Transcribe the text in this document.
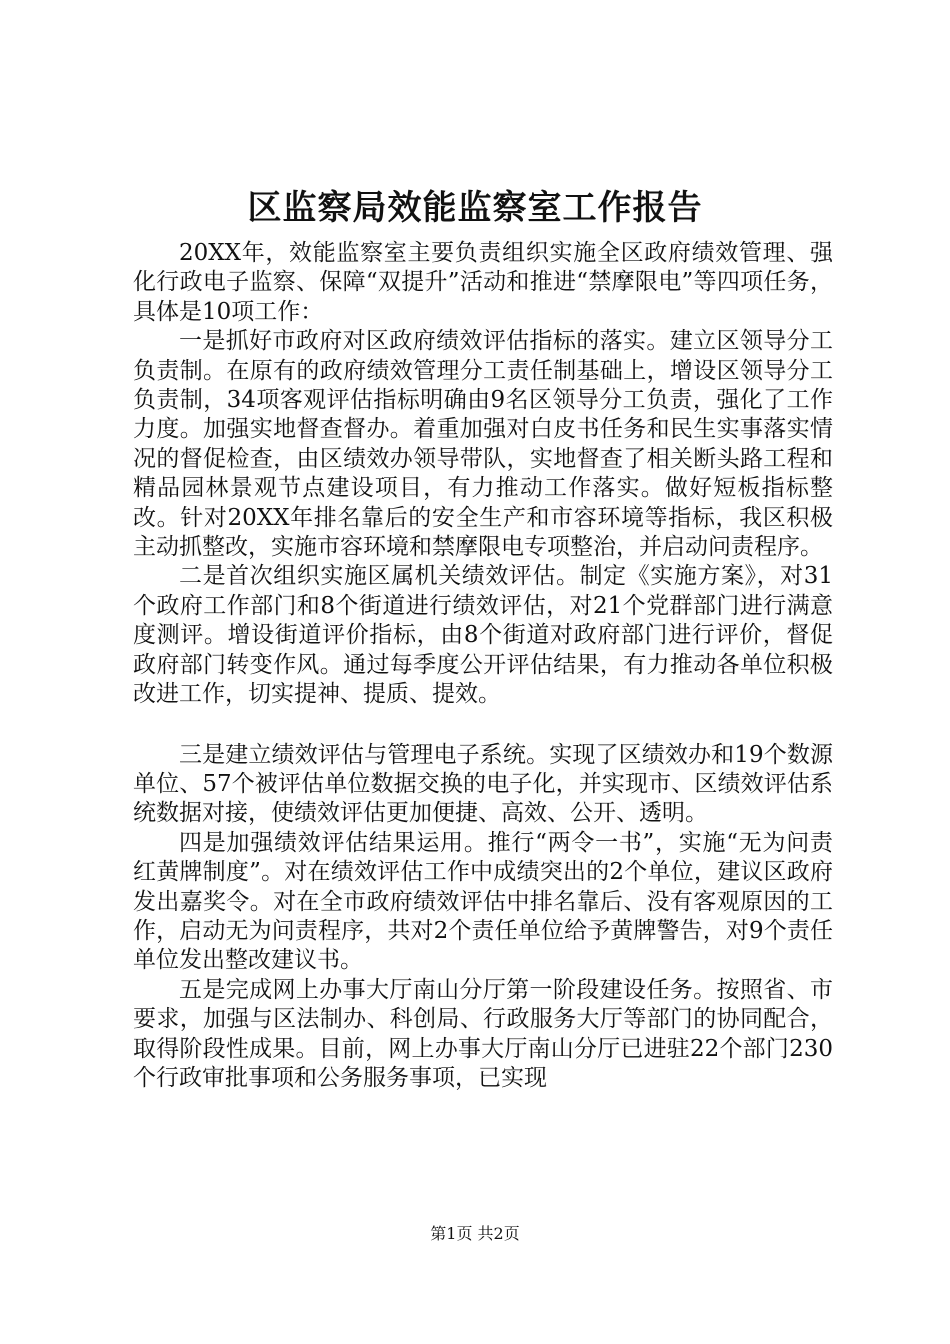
区监察局效能监察室工作报告

20XX年，效能监察室主要负责组织实施全区政府绩效管理、强化行政电子监察、保障“双提升”活动和推进“禁摩限电”等四项任务，具体是10项工作：

一是抓好市政府对区政府绩效评估指标的落实。建立区领导分工负责制。在原有的政府绩效管理分工责任制基础上，增设区领导分工负责制，34项客观评估指标明确由9名区领导分工负责，强化了工作力度。加强实地督查督办。着重加强对白皮书任务和民生实事落实情况的督促检查，由区绩效办领导带队，实地督查了相关断头路工程和精品园林景观节点建设项目，有力推动工作落实。做好短板指标整改。针对20XX年排名靠后的安全生产和市容环境等指标，我区积极主动抓整改，实施市容环境和禁摩限电专项整治，并启动问责程序。

二是首次组织实施区属机关绩效评估。制定《实施方案》，对31个政府工作部门和8个街道进行绩效评估，对21个党群部门进行满意度测评。增设街道评价指标，由8个街道对政府部门进行评价，督促政府部门转变作风。通过每季度公开评估结果，有力推动各单位积极改进工作，切实提神、提质、提效。

三是建立绩效评估与管理电子系统。实现了区绩效办和19个数源单位、57个被评估单位数据交换的电子化，并实现市、区绩效评估系统数据对接，使绩效评估更加便捷、高效、公开、透明。

四是加强绩效评估结果运用。推行“两令一书”，实施“无为问责红黄牌制度”。对在绩效评估工作中成绩突出的2个单位，建议区政府发出嘉奖令。对在全市政府绩效评估中排名靠后、没有客观原因的工作，启动无为问责程序，共对2个责任单位给予黄牌警告，对9个责任单位发出整改建议书。

五是完成网上办事大厅南山分厅第一阶段建设任务。按照省、市要求，加强与区法制办、科创局、行政服务大厅等部门的协同配合，取得阶段性成果。目前，网上办事大厅南山分厅已进驻22个部门230个行政审批事项和公务服务事项，已实现

第1页 共2页
